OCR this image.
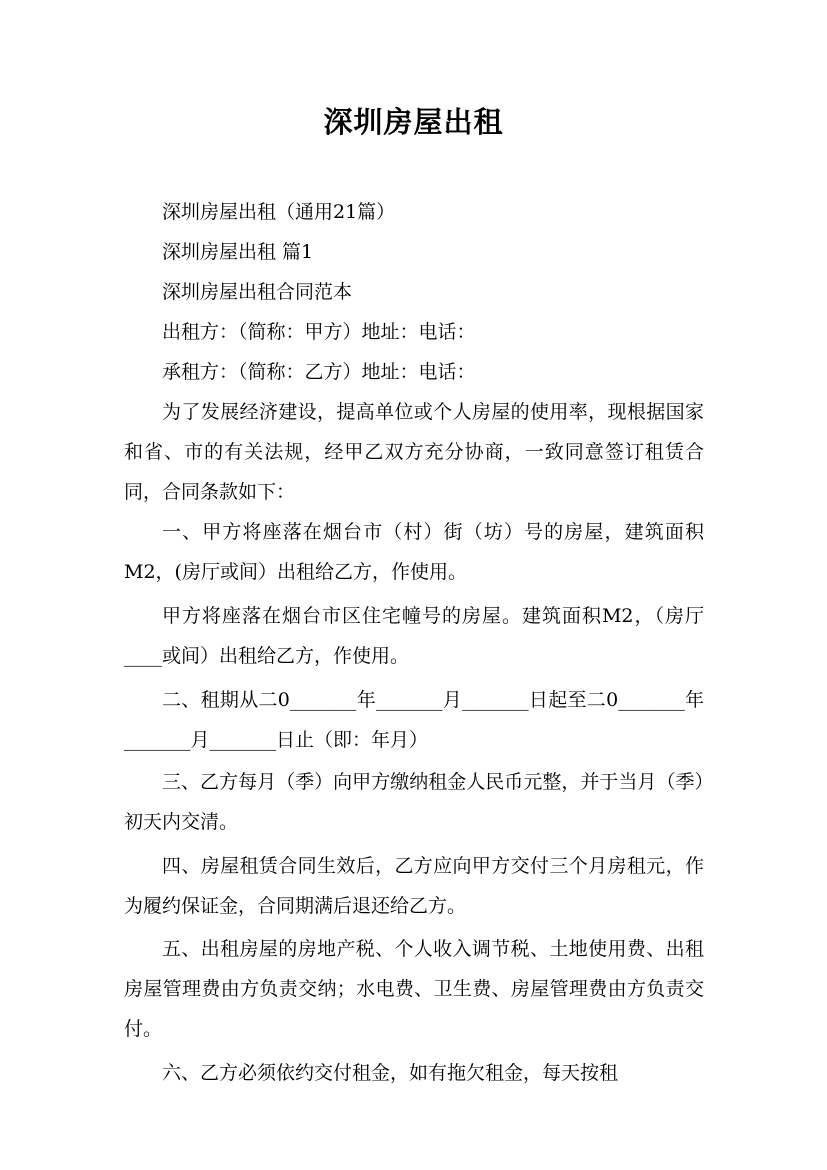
深圳房屋出租

深圳房屋出租（通用21篇）

深圳房屋出租 篇1

深圳房屋出租合同范本

出租方：（简称：甲方）地址：电话：

承租方：（简称：乙方）地址：电话：

为了发展经济建设，提高单位或个人房屋的使用率，现根据国家和省、市的有关法规，经甲乙双方充分协商，一致同意签订租赁合同，合同条款如下：

一、甲方将座落在烟台市（村）街（坊）号的房屋，建筑面积M2，(房厅或间）出租给乙方，作使用。

甲方将座落在烟台市区住宅幢号的房屋。建筑面积M2，（房厅____或间）出租给乙方，作使用。

二、租期从二0_______年_______月_______日起至二0_______年_______月_______日止（即：年月）

三、乙方每月（季）向甲方缴纳租金人民币元整，并于当月（季）初天内交清。

四、房屋租赁合同生效后，乙方应向甲方交付三个月房租元，作为履约保证金，合同期满后退还给乙方。

五、出租房屋的房地产税、个人收入调节税、土地使用费、出租房屋管理费由方负责交纳；水电费、卫生费、房屋管理费由方负责交付。

六、乙方必须依约交付租金，如有拖欠租金，每天按租
